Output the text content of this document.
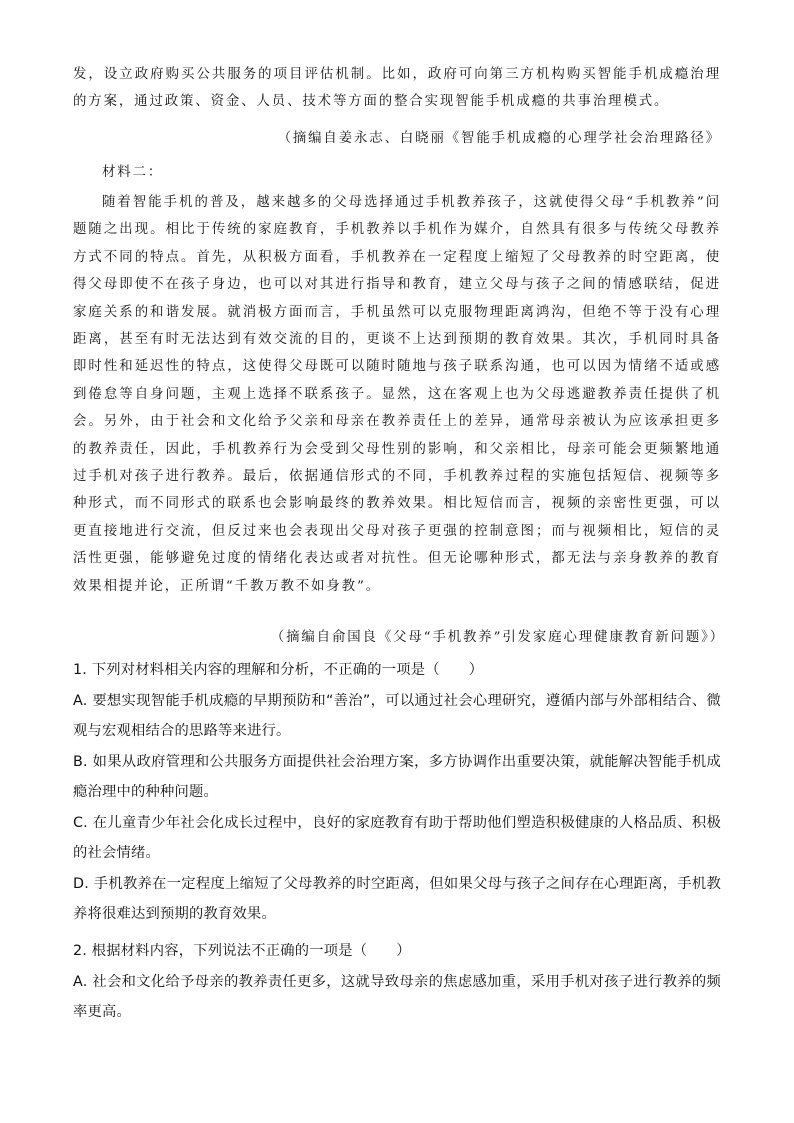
发，设立政府购买公共服务的项目评估机制。比如，政府可向第三方机构购买智能手机成瘾治理的方案，通过政策、资金、人员、技术等方面的整合实现智能手机成瘾的共事治理模式。

（摘编自姜永志、白晓丽《智能手机成瘾的心理学社会治理路径》

材料二：

随着智能手机的普及，越来越多的父母选择通过手机教养孩子，这就使得父母“手机教养”问题随之出现。相比于传统的家庭教育，手机教养以手机作为媒介，自然具有很多与传统父母教养方式不同的特点。首先，从积极方面看，手机教养在一定程度上缩短了父母教养的时空距离，使得父母即使不在孩子身边，也可以对其进行指导和教育，建立父母与孩子之间的情感联结，促进家庭关系的和谐发展。就消极方面而言，手机虽然可以克服物理距离鸿沟，但绝不等于没有心理距离，甚至有时无法达到有效交流的目的，更谈不上达到预期的教育效果。其次，手机同时具备即时性和延迟性的特点，这使得父母既可以随时随地与孩子联系沟通，也可以因为情绪不适或感到倦怠等自身问题，主观上选择不联系孩子。显然，这在客观上也为父母逃避教养责任提供了机会。另外，由于社会和文化给予父亲和母亲在教养责任上的差异，通常母亲被认为应该承担更多的教养责任，因此，手机教养行为会受到父母性别的影响，和父亲相比，母亲可能会更频繁地通过手机对孩子进行教养。最后，依据通信形式的不同，手机教养过程的实施包括短信、视频等多种形式，而不同形式的联系也会影响最终的教养效果。相比短信而言，视频的亲密性更强，可以更直接地进行交流，但反过来也会表现出父母对孩子更强的控制意图；而与视频相比，短信的灵活性更强，能够避免过度的情绪化表达或者对抗性。但无论哪种形式，都无法与亲身教养的教育效果相提并论，正所谓“千教万教不如身教”。

（摘编自俞国良《父母“手机教养”引发家庭心理健康教育新问题》）

1. 下列对材料相关内容的理解和分析，不正确的一项是（　　）

A. 要想实现智能手机成瘾的早期预防和“善治”，可以通过社会心理研究，遵循内部与外部相结合、微观与宏观相结合的思路等来进行。

B. 如果从政府管理和公共服务方面提供社会治理方案，多方协调作出重要决策，就能解决智能手机成瘾治理中的种种问题。

C. 在儿童青少年社会化成长过程中，良好的家庭教育有助于帮助他们塑造积极健康的人格品质、积极的社会情绪。

D. 手机教养在一定程度上缩短了父母教养的时空距离，但如果父母与孩子之间存在心理距离，手机教养将很难达到预期的教育效果。

2. 根据材料内容，下列说法不正确的一项是（　　）

A. 社会和文化给予母亲的教养责任更多，这就导致母亲的焦虑感加重，采用手机对孩子进行教养的频率更高。
